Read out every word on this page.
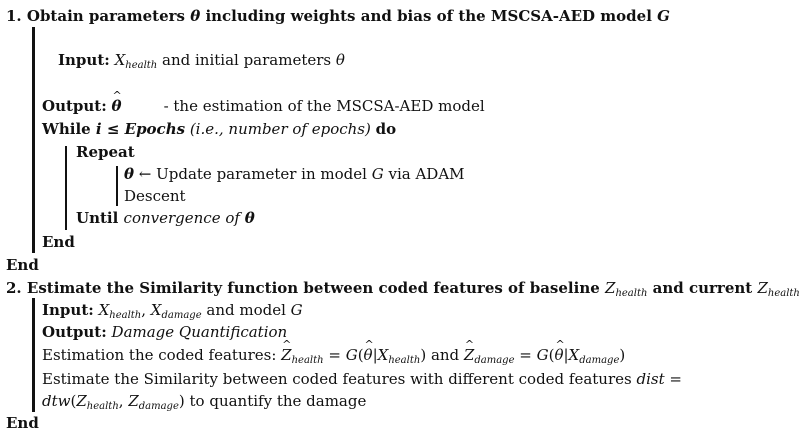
1. Obtain parameters θ including weights and bias of the MSCSA-AED model G
Input: $X_{health}$ and initial parameters θ
Output: ^ θ	- the estimation of the MSCSA-AED model
While i ≤ Epochs (i.e., number of epochs) do
Repeat
θ ← Update parameter in model G via ADAM
Descent
Until convergence of θ
End
End
2. Estimate the Similarity function between coded features of baseline $Z_{health}$ and current $Z_{health}$
Input: $X_{health}$, $X_{damage}$ and model G
Output: Damage Quantification
Estimation the coded features: ^ $Z_{health}$ = G(^ $\theta|X_{health}$) and ^ $Z_{damage}$ = G(^ $\theta|X_{damage}$)
Estimate the Similarity between coded features with different coded features dist =
$dtw(Z_{health}$, $Z_{damage}$) to quantify the damage
End
